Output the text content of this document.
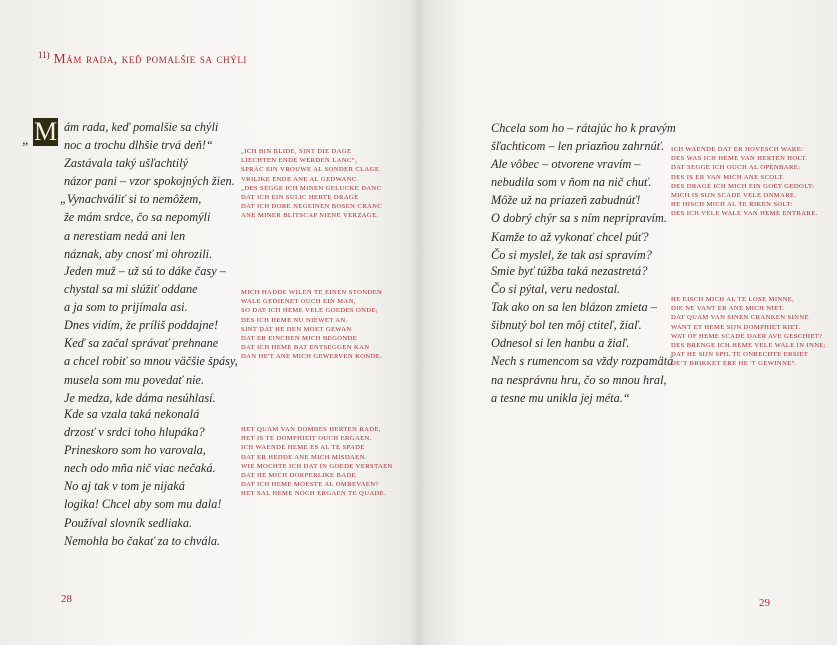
$^{11)}$ Mám rada, keď pomalšie sa chýli
„ M ám rada, keď pomalšie sa chýli
noc a trochu dlhšie trvá deň!“
Zastávala taký ušľachtilý
názor pani – vzor spokojných žien.
„Vynachváliť si to nemôžem,
že mám srdce, čo sa nepomýli
a nerestiam nedá ani len
náznak, aby cnosť mi ohrozili.
Jeden muž – už sú to dáke časy –
chystal sa mi slúžiť oddane
a ja som to prijímala asi.
Dnes vidím, že príliš poddajne!
Keď sa začal správať prehnane
a chcel robiť so mnou väčšie špásy,
musela som mu povedať nie.
Je medza, kde dáma nesúhlasí.
Kde sa vzala taká nekonalá
drzosť v srdci toho hlupáka?
Prineskoro som ho varovala,
nech odo mňa nič viac nečaká.
No aj tak v tom je nijaká
logika! Chcel aby som mu dala!
Používal slovník sedliaka.
Nemohla bo čakať za to chvála.
„ICH BIN BLIDE, SINT DIE DAGE
LIECHTEN ENDE WERDEN LANC“,
SPRAC EIN VROUWE AL SONDER CLAGE
VRILIKE ENDE ANE AL GEDWANC.
„DES SEGGE ICH MINEN GELUCKE DANC
DAT ICH EIN SULIC HERTE DRAGE
DAT ICH DORE NEGEINEN BOSEN CRANC
ANE MINER BLITSCAP NIENE VERZAGE.
MICH HADDE WILEN TE EINEN STONDEN
WALE GEDIENET OUCH EIN MAN,
SO DAT ICH HEME VELE GOEDES ONDE;
DES ICH HEME NU NIEWET AN.
SINT DAT HE DEN MOET GEWAN
DAT ER EINCHEN MICH BEGONDE
DAT ICH HEME BAT ENTSEGGEN KAN
DAN HE'T ANE MICH GEWERVEN KONDE.
HET QUAM VAN DOMBES HERTEN RADE,
HET IS TE DOMPHIEIT OUCH ERGAEN.
ICH WAENDE HEME ES AL TE SPADE
DAT ER HEDDE ANE MICH MISDAEN.
WIE MOCHTE ICH DAT IN GOEDE VERSTAEN
DAT HE MICH DORPERLIKE BADE
DAT ICH HEME MOESTE AL OMBEVAEN?
HET SAL HEME NOCH ERGAEN TE QUADE.
Chcela som ho – rátajúc ho k pravým
šľachticom – len priazňou zahrnúť.
Ale vôbec – otvorene vravím –
nebudila som v ňom na nič chuť.
Môže už na priazeň zabudnúť!
O dobrý chýr sa s ním nepripravím.
Kamže to až vykonať chcel púť?
Čo si myslel, že tak asi spravím?
Smie byť túžba taká nezastretá?
Čo si pýtal, veru nedostal.
Tak ako on sa len blázon zmieta –
šibnutý bol ten môj ctiteľ, žiaľ.
Odnesol si len hanbu a žiaľ.
Nech s rumencom sa vždy rozpamätá
na nesprávnu hru, čo so mnou hral,
a tesne mu unikla jej méta.“
ICH WAENDE DAT ER HOVESCH WARE:
DES WAS ICH HEME VAN HERTEN HOLT.
DAT SEGGE ICH OUCH AL OPENBARE:
DES IS ER VAN MICH ANE SCOLT.
DES DRAGE ICH MICH EIN GOET GEDOLT:
MICH IS SIJN SCADE VELE ONMARE.
HE HISCH MICH AL TE RIKEN SOLT:
DES ICH VELE WALE VAN HEME ENTBARE.
HE EISCH MICH AL TE LOSE MINNE,
DIE NE VANT ER ANE MICH NIET.
DAT QUAM VAN SINEN CRANKEN SINNE
WANT ET HEME SIJN DOMPHIET RIET.
WAT OF HEME SCADE DAER AVE GESCHIET?
DES BRENGE ICH HEME VELE WALE IN INNE;
DAT HE SIJN SPIL TE ONRECHTE ERSIET
DE’T BRIKKET ERE HE 'T GEWINNE“.
28	29
